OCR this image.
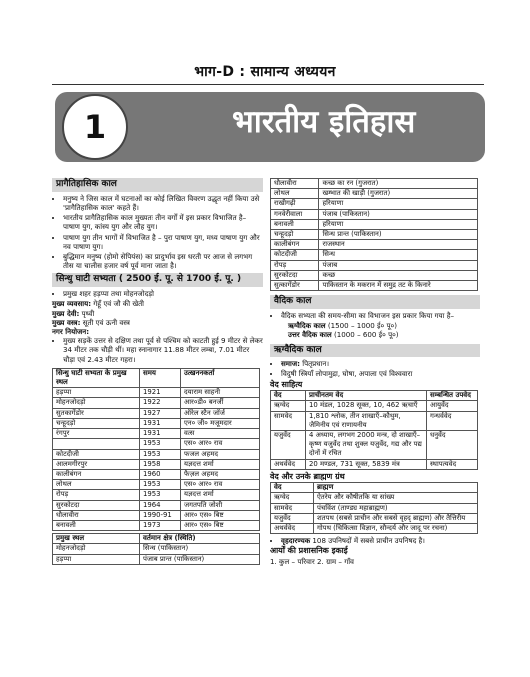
भाग-D : सामान्य अध्ययन
1	भारतीय इतिहास
प्रागैतिहासिक काल
• मनुष्य ने जिस काल में घटनाओं का कोई लिखित विवरण उद्धृत नहीं किया उसे 'प्रागैतिहासिक काल' कहते हैं।
• भारतीय प्रागैतिहासिक काल मुख्यतः तीन वर्गों में इस प्रकार विभाजित है–
पाषाण युग, कांस्य युग और लौह युग।
• पाषाण युग तीन भागों में विभाजित है – पुरा पाषाण युग, मध्य पाषाण युग और नव पाषाण युग।
• बुद्धिमान मनुष्य (होमो सेपियंस) का प्रादुर्भाव इस धरती पर आज से लगभग तीस या चालीस हजार वर्ष पूर्व माना जाता है।
सिन्धु घाटी सभ्यता ( 2500 ई. पू. से 1700 ई. पू. )
• प्रमुख शहर हड़प्पा तथा मोहनजोदड़ो
मुख्य व्यवसाय: गेहूँ एवं जौ की खेती
मुख्य देवी: पृथ्वी
मुख्य वस्त्र: सूती एवं ऊनी वस्त्र
नगर नियोजन:
• मुख्य सड़कें उत्तर से दक्षिण तथा पूर्व से पश्चिम को काटती हुई 9 मीटर से लेकर 34 मीटर तक चौड़ी थीं। महा स्नानागार 11.88 मीटर लम्बा, 7.01 मीटर चौड़ा एवं 2.43 मीटर गहरा।
सिन्धु घाटी सभ्यता के प्रमुख स्थल	समय	उत्खननकर्ता
हड़प्पा	1921	दयाराम साहनी
मोहनजोदड़ो	1922	आर०डी० बनर्जी
सुतकागेंडोर	1927	ऑरेल स्टैन जॉर्ज
चन्हूदड़ो	1931	एन० जी० मजूमदार
रंगपुर	1931	वत्स
	1953	एस० आर० राव
कोटदीजी	1953	फजल अहमद
आलमगीरपुर	1958	यज्ञदत्त शर्मा
कालीबंगन	1960	फैज़ल अहमद
लोथल	1953	एस० आर० राव
रोपड़	1953	यज्ञदत्त शर्मा
सुरकोटदा	1964	जगतपति जोशी
धौलावीरा	1990-91	आर० एस० बिष्ट
बनावली	1973	आर० एस० बिष्ट
प्रमुख स्थल	वर्तमान क्षेत्र (स्थिति)
मोहनजोदड़ो	सिन्ध (पाकिस्तान)
हड़प्पा	पंजाब प्रान्त (पाकिस्तान)
धौलावीरा	कच्छ का रन (गुजरात)
लोथल	खम्भात की खाड़ी (गुजरात)
राखीगढ़ी	हरियाणा
गनवेरीवाला	पंजाब (पाकिस्तान)
बनावली	हरियाणा
चन्हूदड़ो	सिन्ध प्रान्त (पाकिस्तान)
कालीबंगन	राजस्थान
कोटदीजी	सिन्ध
रोपड़	पंजाब
सुरकोटदा	कच्छ
सुत्कागेंडोर	पाकिस्तान के मकरान में समुद्र तट के किनारे
वैदिक काल
• वैदिक सभ्यता की समय-सीमा का विभाजन इस प्रकार किया गया है–
ऋग्वैदिक काल (1500 – 1000 ई० पू०)
उत्तर वैदिक काल (1000 – 600 ई० पू०)
ऋग्वैदिक काल
• समाज: पितृप्रधान।
• विदुषी स्त्रियाँ लोपामुद्रा, घोषा, अपाला एवं विश्ववारा
वेद साहित्य
वेद	प्राचीनतम वेद	सम्बन्धित उपवेद
ऋग्वेद	10 मंडल, 1028 सूक्त, 10, 462 ऋचाएँ	आयुर्वेद
सामवेद	1,810 श्लोक, तीन शाखाएँ–कौथुम, जैमिनीय एवं राणायनीय	गन्धर्ववेद
यजुर्वेद	4 अध्याय, लगभग 2000 मन्त्र, दो शाखाएँ– कृष्ण यजुर्वेद तथा शुक्ल यजुर्वेद, गद्य और पद्य दोनों में रचित	धनुर्वेद
अथर्ववेद	20 मण्डल, 731 सूक्त, 5839 मंत्र	स्थापत्यवेद
वेद और उनके ब्राह्मण ग्रंथ
वेद	ब्राह्मण
ऋग्वेद	ऐतरेय और कौषीतकि या सांख्य
सामवेद	पंचविंश (ताण्ड्य महाब्राह्मण)
यजुर्वेद	शतपथ (सबसे प्राचीन और सबसे वृहद् ब्राह्मण) और तैत्तिरीय
अथर्ववेद	गोपथ (चिकित्सा विज्ञान, सौन्दर्य और जादू पर रचना)
• वृहदारण्यक 108 उपनिषदों में सबसे प्राचीन उपनिषद है।
आर्यों की प्रशासनिक इकाई
1. कुल – परिवार 2. ग्राम – गाँव
